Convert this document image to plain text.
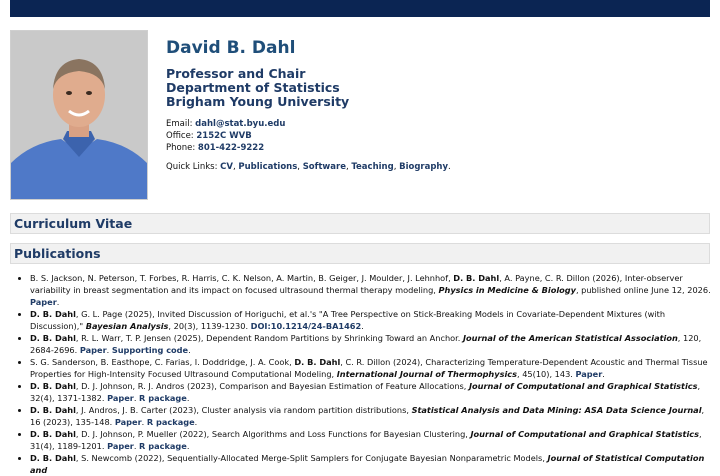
David B. Dahl
Professor and Chair
Department of Statistics
Brigham Young University
Email: dahl@stat.byu.edu
Office: 2152C WVB
Phone: 801-422-9222
Quick Links: CV, Publications, Software, Teaching, Biography.
Curriculum Vitae
Publications
• B. S. Jackson, N. Peterson, T. Forbes, R. Harris, C. K. Nelson, A. Martin, B. Geiger, J. Moulder, J. Lehnhof, D. B. Dahl, A. Payne, C. R. Dillon (2026), Inter-observer variability in breast segmentation and its impact on focused ultrasound thermal therapy modeling, Physics in Medicine & Biology, published online June 12, 2026. Paper.
• D. B. Dahl, G. L. Page (2025), Invited Discussion of Horiguchi, et al.'s "A Tree Perspective on Stick-Breaking Models in Covariate-Dependent Mixtures (with Discussion)," Bayesian Analysis, 20(3), 1139-1230. DOI:10.1214/24-BA1462.
• D. B. Dahl, R. L. Warr, T. P. Jensen (2025), Dependent Random Partitions by Shrinking Toward an Anchor. Journal of the American Statistical Association, 120, 2684-2696. Paper. Supporting code.
• S. G. Sanderson, B. Easthope, C. Farias, I. Doddridge, J. A. Cook, D. B. Dahl, C. R. Dillon (2024), Characterizing Temperature-Dependent Acoustic and Thermal Tissue Properties for High-Intensity Focused Ultrasound Computational Modeling, International Journal of Thermophysics, 45(10), 143. Paper.
• D. B. Dahl, D. J. Johnson, R. J. Andros (2023), Comparison and Bayesian Estimation of Feature Allocations, Journal of Computational and Graphical Statistics, 32(4), 1371-1382. Paper. R package.
• D. B. Dahl, J. Andros, J. B. Carter (2023), Cluster analysis via random partition distributions, Statistical Analysis and Data Mining: ASA Data Science Journal, 16 (2023), 135-148. Paper. R package.
• D. B. Dahl, D. J. Johnson, P. Mueller (2022), Search Algorithms and Loss Functions for Bayesian Clustering, Journal of Computational and Graphical Statistics, 31(4), 1189-1201. Paper. R package.
• D. B. Dahl, S. Newcomb (2022), Sequentially-Allocated Merge-Split Samplers for Conjugate Bayesian Nonparametric Models, Journal of Statistical Computation and
